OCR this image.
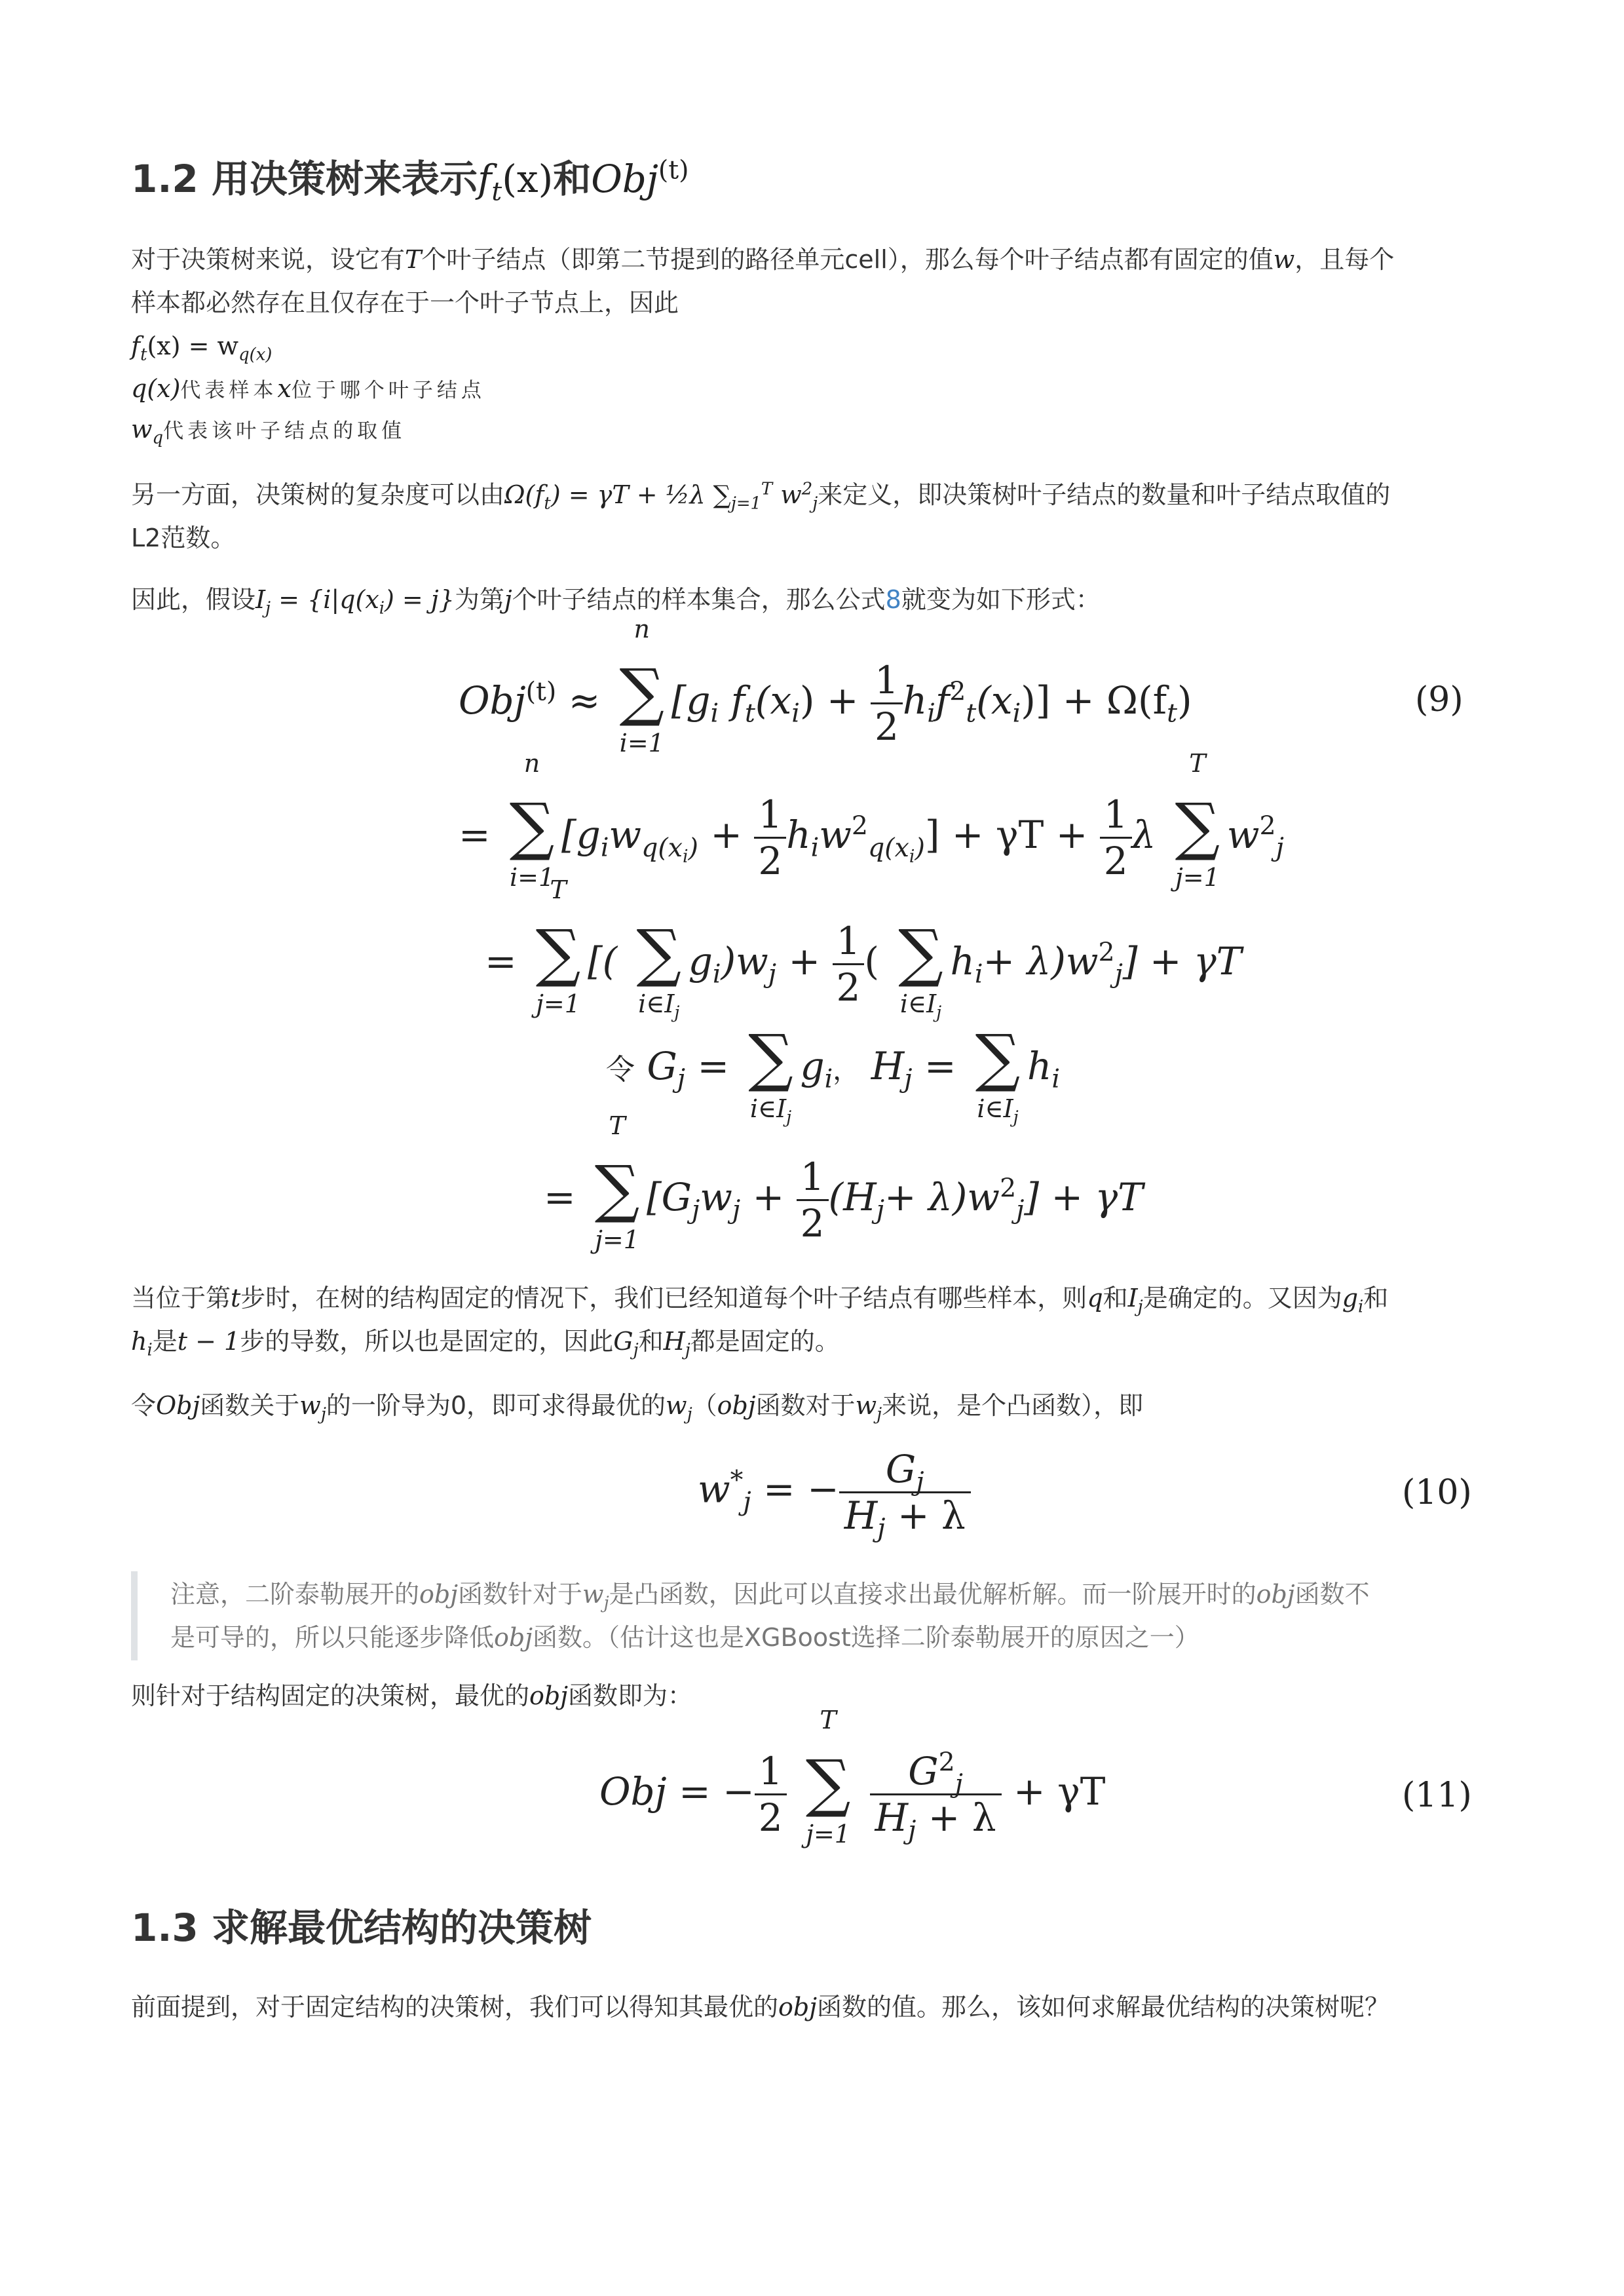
1.2 用决策树来表示$f_t(x)$和Obj$^{(t)}$
对于决策树来说，设它有T个叶子结点（即第二节提到的路径单元cell），那么每个叶子结点都有固定的值w，且每个
样本都必然存在且仅存在于一个叶子节点上，因此
$f_t(x) = w_{q(x)}$
q(x)代表样本x位于哪个叶子结点
$w_q$代表该叶子结点的取值
另一方面，决策树的复杂度可以由$\Omega(f_t) = \gamma T$ + ½λ $\sum_{j=1}^T$ $w^2_j$来定义，即决策树叶子结点的数量和叶子结点取值的
L2范数。
因此，假设$I_j = \{i|q(x_i) = j\}$为第j个叶子结点的样本集合，那么公式8就变为如下形式：
Obj$^{(t)}$ ≈ ∑
n
i=1
[$g_i$ $f_t(x_i) + \frac{1}{2} h_if^2_t(x_i)] + \Omega(f_t)$	(9)
= ∑
n
i=1
$[g_iw_{q(x_i)} + \frac{1}{2} h_iw^2_{q(x_i)}] + \gamma T + \frac{1}{2}$ λ ∑
T
j=1
$w^2_j$
= ∑
T
j=1
[( ∑
$i\in I_j$
$g_i)w_j + \frac{1}{2}$ ( ∑
$i\in I_j$
$h_i+ \lambda)w^2_j] + \gamma T$
令 $G_j$ = ∑
$i\in I_j$
$g_i$， $H_j$ = ∑
$i\in I_j$
$h_i$
= ∑
T
j=1
$[G_jw_j + \frac{1}{2} (H_j+ \lambda)w^2_j] + \gamma T$
当位于第t步时，在树的结构固定的情况下，我们已经知道每个叶子结点有哪些样本，则q和$I_j$是确定的。又因为$g_i$和
$h_i$是t − 1步的导数，所以也是固定的，因此$G_j$和$H_j$都是固定的。
令Obj函数关于$w_j$的一阶导为0，即可求得最优的$w_j(obj$函数对于$w_j$来说，是个凸函数），即
$w^*_j$ = − $\frac{G_j}{H_j + \lambda}$	(10)
注意，二阶泰勒展开的obj函数针对于$w_j$是凸函数，因此可以直接求出最优解析解。而一阶展开时的obj函数不
是可导的，所以只能逐步降低obj函数。（估计这也是XGBoost选择二阶泰勒展开的原因之一）
则针对于结构固定的决策树，最优的obj函数即为：
Obj = − $\frac{1}{2}$ ∑
T
j=1
$\frac{G^2_j}{H_j + \lambda} + \gamma T$	(11)
1.3 求解最优结构的决策树
前面提到，对于固定结构的决策树，我们可以得知其最优的obj函数的值。那么，该如何求解最优结构的决策树呢？
